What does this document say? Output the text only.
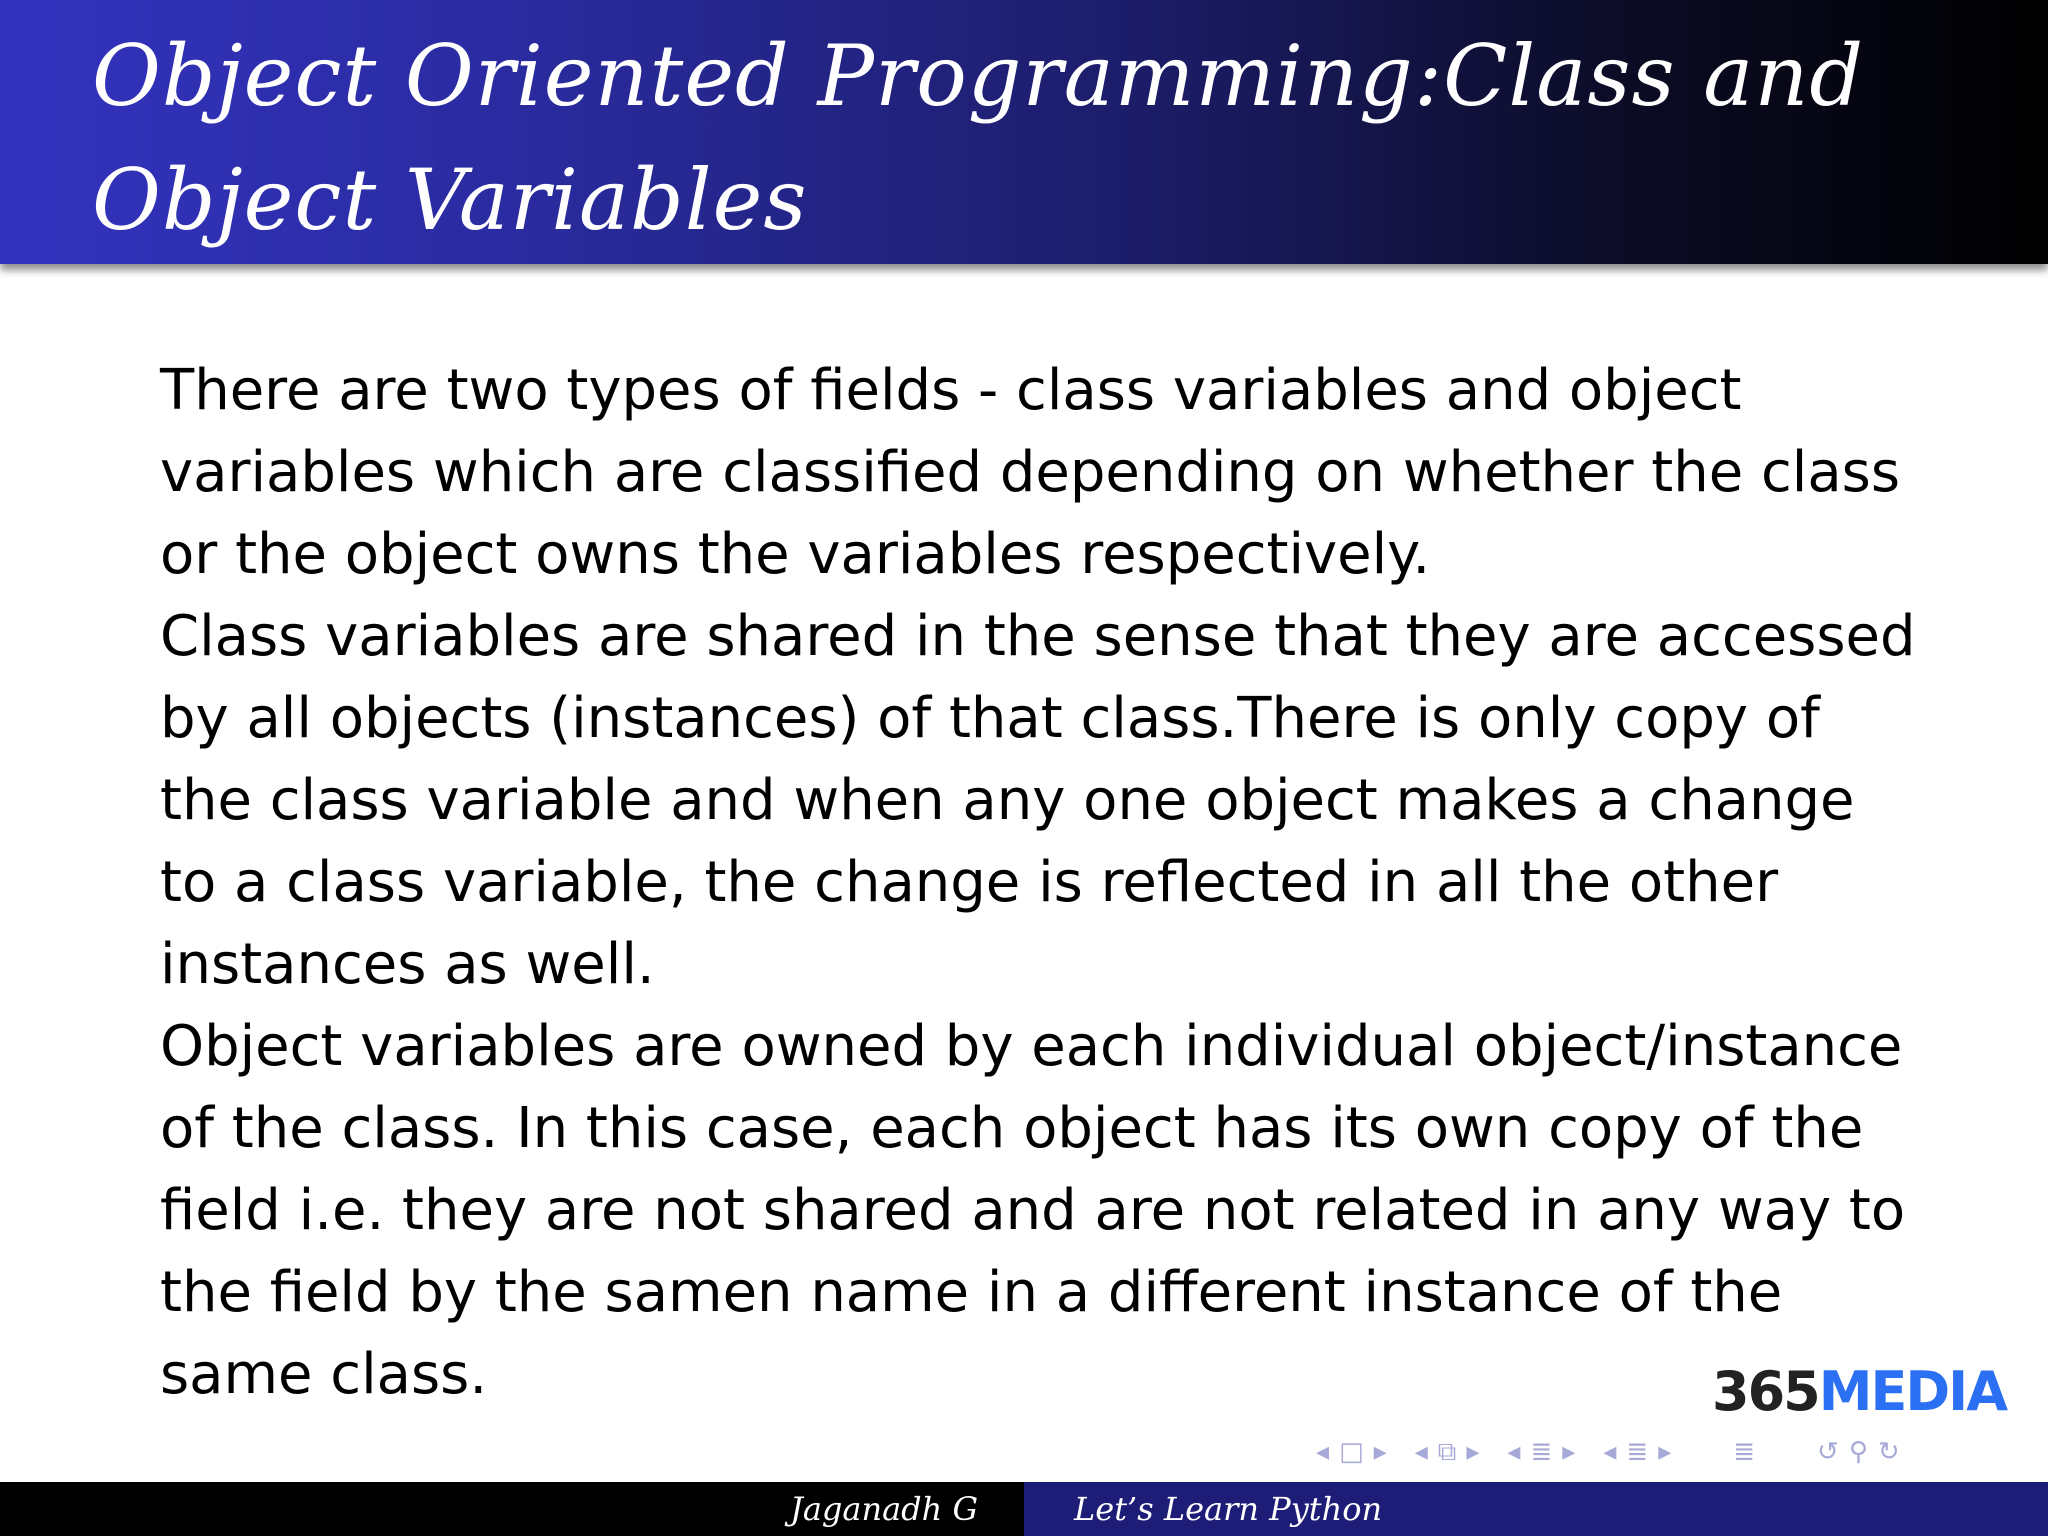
Object Oriented Programming:Class and
Object Variables

There are two types of fields - class variables and object variables which are classified depending on whether the class or the object owns the variables respectively.

Class variables are shared in the sense that they are accessed by all objects (instances) of that class.There is only copy of the class variable and when any one object makes a change to a class variable, the change is reflected in all the other instances as well.

Object variables are owned by each individual object/instance of the class. In this case, each object has its own copy of the field i.e. they are not shared and are not related in any way to the field by the samen name in a different instance of the same class.	365MEDIA
◂ □ ▸ ◂ ⧉ ▸ ◂ ≣ ▸ ◂ ≣ ▸ ≣ ↺ ⚲ ↻
Jaganadh G	Let’s Learn Python
